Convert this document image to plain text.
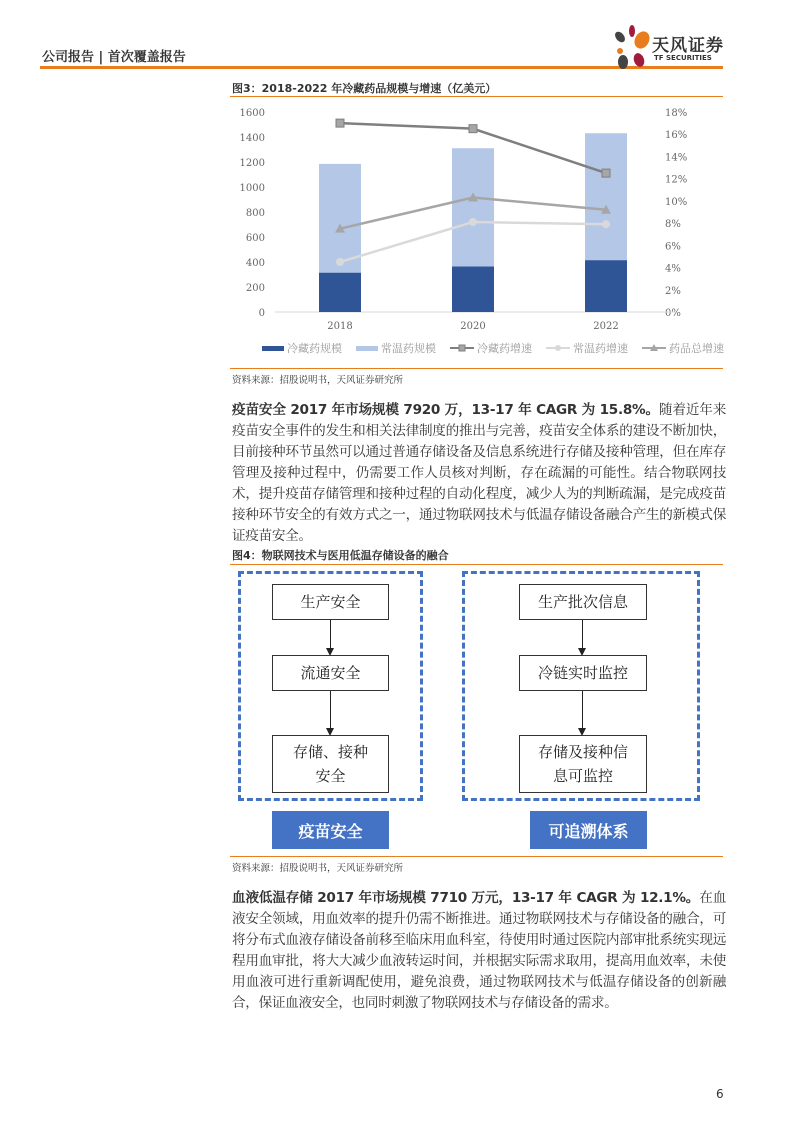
公司报告 | 首次覆盖报告
天风证券
TF SECURITIES
图3：2018-2022 年冷藏药品规模与增速（亿美元）
0
200
400
600
800
1000
1200
1400
1600
0%
2%
4%
6%
8%
10%
12%
14%
16%
18%
2018	2020	2022
冷藏药规模	常温药规模	冷藏药增速	常温药增速	药品总增速
资料来源：招股说明书，天风证券研究所
疫苗安全 2017 年市场规模 7920 万，13-17 年 CAGR 为 15.8%。随着近年来疫苗安全事件的发生和相关法律制度的推出与完善，疫苗安全体系的建设不断加快，目前接种环节虽然可以通过普通存储设备及信息系统进行存储及接种管理，但在库存管理及接种过程中，仍需要工作人员核对判断，存在疏漏的可能性。结合物联网技术，提升疫苗存储管理和接种过程的自动化程度，减少人为的判断疏漏，是完成疫苗接种环节安全的有效方式之一，通过物联网技术与低温存储设备融合产生的新模式保证疫苗安全。
图4：物联网技术与医用低温存储设备的融合
生产安全
流通安全
存储、接种安全
疫苗安全
生产批次信息
冷链实时监控
存储及接种信息可监控
可追溯体系
资料来源：招股说明书，天风证券研究所
血液低温存储 2017 年市场规模 7710 万元，13-17 年 CAGR 为 12.1%。在血液安全领域，用血效率的提升仍需不断推进。通过物联网技术与存储设备的融合，可将分布式血液存储设备前移至临床用血科室，待使用时通过医院内部审批系统实现远程用血审批，将大大减少血液转运时间，并根据实际需求取用，提高用血效率，未使用血液可进行重新调配使用，避免浪费，通过物联网技术与低温存储设备的创新融合，保证血液安全，也同时刺激了物联网技术与存储设备的需求。
6
